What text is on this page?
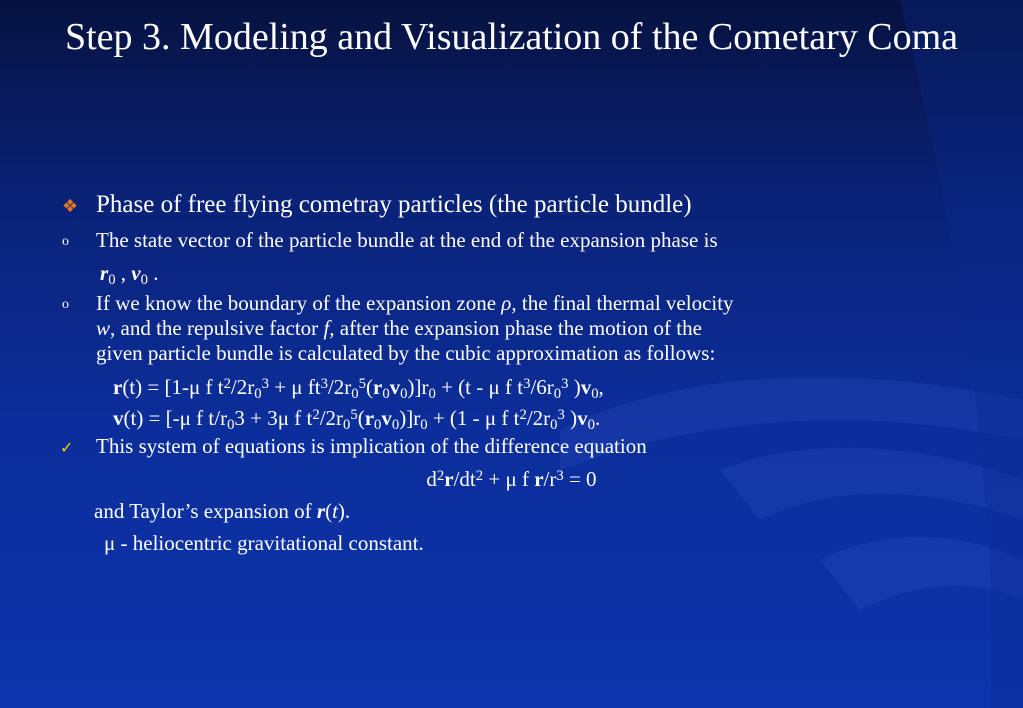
Step 3. Modeling and Visualization of the Cometary Coma
❖ Phase of free flying cometray particles (the particle bundle)
o The state vector of the particle bundle at the end of the expansion phase is
$r_0$ , $v_0$ .
o If we know the boundary of the expansion zone ρ, the final thermal velocity
w, and the repulsive factor f, after the expansion phase the motion of the
given particle bundle is calculated by the cubic approximation as follows:
r(t) = [1-μ f $t^2/2r_0^3 + \mu$ $ft^3/2r_0^5(r_0v_0)]r_0 + (t - \mu$ f $t^3/6r_0^3$ )$v_0$,
v(t) = [-μ f $t/r_03 + 3\mu$ f $t^2/2r_0^5(r_0v_0)]r_0 + (1 - \mu$ f $t^2/2r_0^3$ )$v_0$.
✓ This system of equations is implication of the difference equation
$d^2r/dt^2 + \mu$ f $r/r^3 = 0$
and Taylor’s expansion of r(t).
μ - heliocentric gravitational constant.
